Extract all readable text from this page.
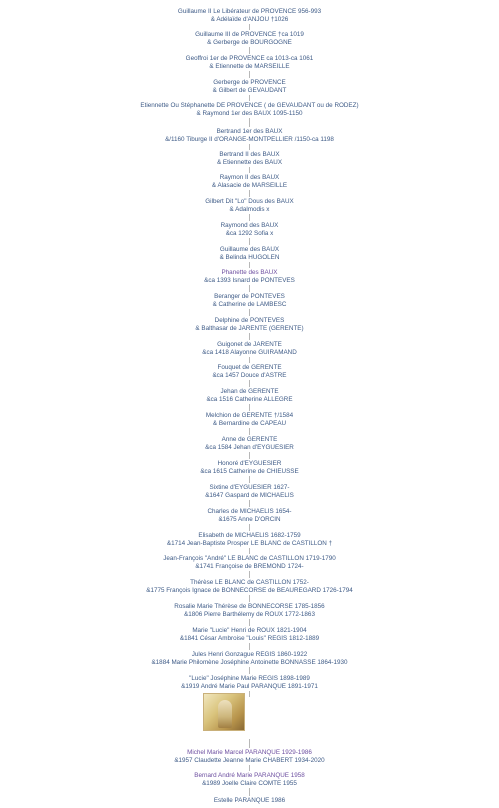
Guillaume II Le Libérateur de PROVENCE 956-993
& Adélaïde d'ANJOU †1026
Guillaume III de PROVENCE †ca 1019
& Gerberge de BOURGOGNE
Geoffroi 1er de PROVENCE ca 1013-ca 1061
& Etiennette de MARSEILLE
Gerberge de PROVENCE
& Gilbert de GEVAUDANT
Etiennette Ou Stéphanette DE PROVENCE ( de GEVAUDANT ou de RODEZ)
& Raymond 1er des BAUX 1095-1150
Bertrand 1er des BAUX
&/1160 Tiburge II d'ORANGE-MONTPELLIER /1150-ca 1198
Bertrand II des BAUX
& Etiennette des BAUX
Raymon II des BAUX
& Alasacie de MARSEILLE
Gilbert Dit "Lo" Dous des BAUX
& Adalmodis x
Raymond des BAUX
&ca 1292 Sofia x
Guillaume des BAUX
& Belinda HUGOLEN
Phanette des BAUX
&ca 1393 Isnard de PONTEVES
Beranger de PONTEVES
& Catherine de LAMBESC
Delphine de PONTEVES
& Balthasar de JARENTE (GERENTE)
Guigonet de JARENTE
&ca 1418 Alayonne GUIRAMAND
Fouquet de GERENTE
&ca 1457 Douce d'ASTRE
Jehan de GERENTE
&ca 1516 Catherine ALLEGRE
Melchion de GERENTE †/1584
& Bernardine de CAPEAU
Anne de GERENTE
&ca 1584 Jehan d'EYGUESIER
Honoré d'EYGUESIER
&ca 1615 Catherine de CHIEUSSE
Sixtine d'EYGUESIER 1627-
&1647 Gaspard de MICHAELIS
Charles de MICHAELIS 1654-
&1675 Anne D'ORCIN
Elisabeth de MICHAELIS 1682-1759
&1714 Jean-Baptiste Prosper LE BLANC de CASTILLON †
Jean-François "André" LE BLANC de CASTILLON 1719-1790
&1741 Françoise de BREMOND 1724-
Thérèse LE BLANC de CASTILLON 1752-
&1775 François Ignace de BONNECORSE de BEAUREGARD 1726-1794
Rosalie Marie Thérèse de BONNECORSE 1785-1856
&1806 Pierre Barthélemy de ROUX 1772-1863
Marie "Lucie" Henri de ROUX 1821-1904
&1841 César Ambroise "Louis" REGIS 1812-1889
Jules Henri Gonzague REGIS 1860-1922
&1884 Marie Philomène Joséphine Antoinette BONNASSE 1864-1930
"Lucie" Joséphine Marie REGIS 1898-1989
&1919 André Marie Paul PARANQUE 1891-1971
Michel Marie Marcel PARANQUE 1929-1986
&1957 Claudette Jeanne Marie CHABERT 1934-2020
Bernard André Marie PARANQUE 1958
&1989 Joelle Claire COMTE 1955
Estelle PARANQUE 1986
